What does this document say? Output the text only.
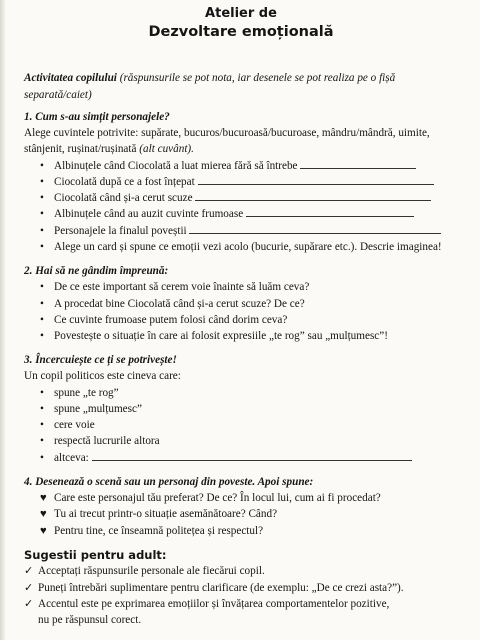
Atelier de
Dezvoltare emoțională

Activitatea copilului (răspunsurile se pot nota, iar desenele se pot realiza pe o fișă separată/caiet)

1. Cum s-au simțit personajele?

Alege cuvintele potrivite: supărate, bucuros/bucuroasă/bucuroase, mândru/mândră, uimite, stânjenit, rușinat/rușinată (alt cuvânt).

• Albinuțele când Ciocolată a luat mierea fără să întrebe
• Ciocolată după ce a fost înțepat
• Ciocolată când și-a cerut scuze
• Albinuțele când au auzit cuvinte frumoase
• Personajele la finalul poveștii
• Alege un card și spune ce emoții vezi acolo (bucurie, supărare etc.). Descrie imaginea!
2. Hai să ne gândim împreună:
• De ce este important să cerem voie înainte să luăm ceva?
• A procedat bine Ciocolată când și-a cerut scuze? De ce?
• Ce cuvinte frumoase putem folosi când dorim ceva?
• Povestește o situație în care ai folosit expresiile „te rog” sau „mulțumesc”!
3. Încercuiește ce ți se potrivește!

Un copil politicos este cineva care:

• spune „te rog”
• spune „mulțumesc”
• cere voie
• respectă lucrurile altora
• altceva:
4. Desenează o scenă sau un personaj din poveste. Apoi spune:
♥ Care este personajul tău preferat? De ce? În locul lui, cum ai fi procedat?
♥ Tu ai trecut printr-o situație asemănătoare? Când?
♥ Pentru tine, ce înseamnă politețea și respectul?
Sugestii pentru adult:
✓ Acceptați răspunsurile personale ale fiecărui copil.
✓ Puneți întrebări suplimentare pentru clarificare (de exemplu: „De ce crezi asta?”).
✓ Accentul este pe exprimarea emoțiilor și învățarea comportamentelor pozitive,
nu pe răspunsul corect.
